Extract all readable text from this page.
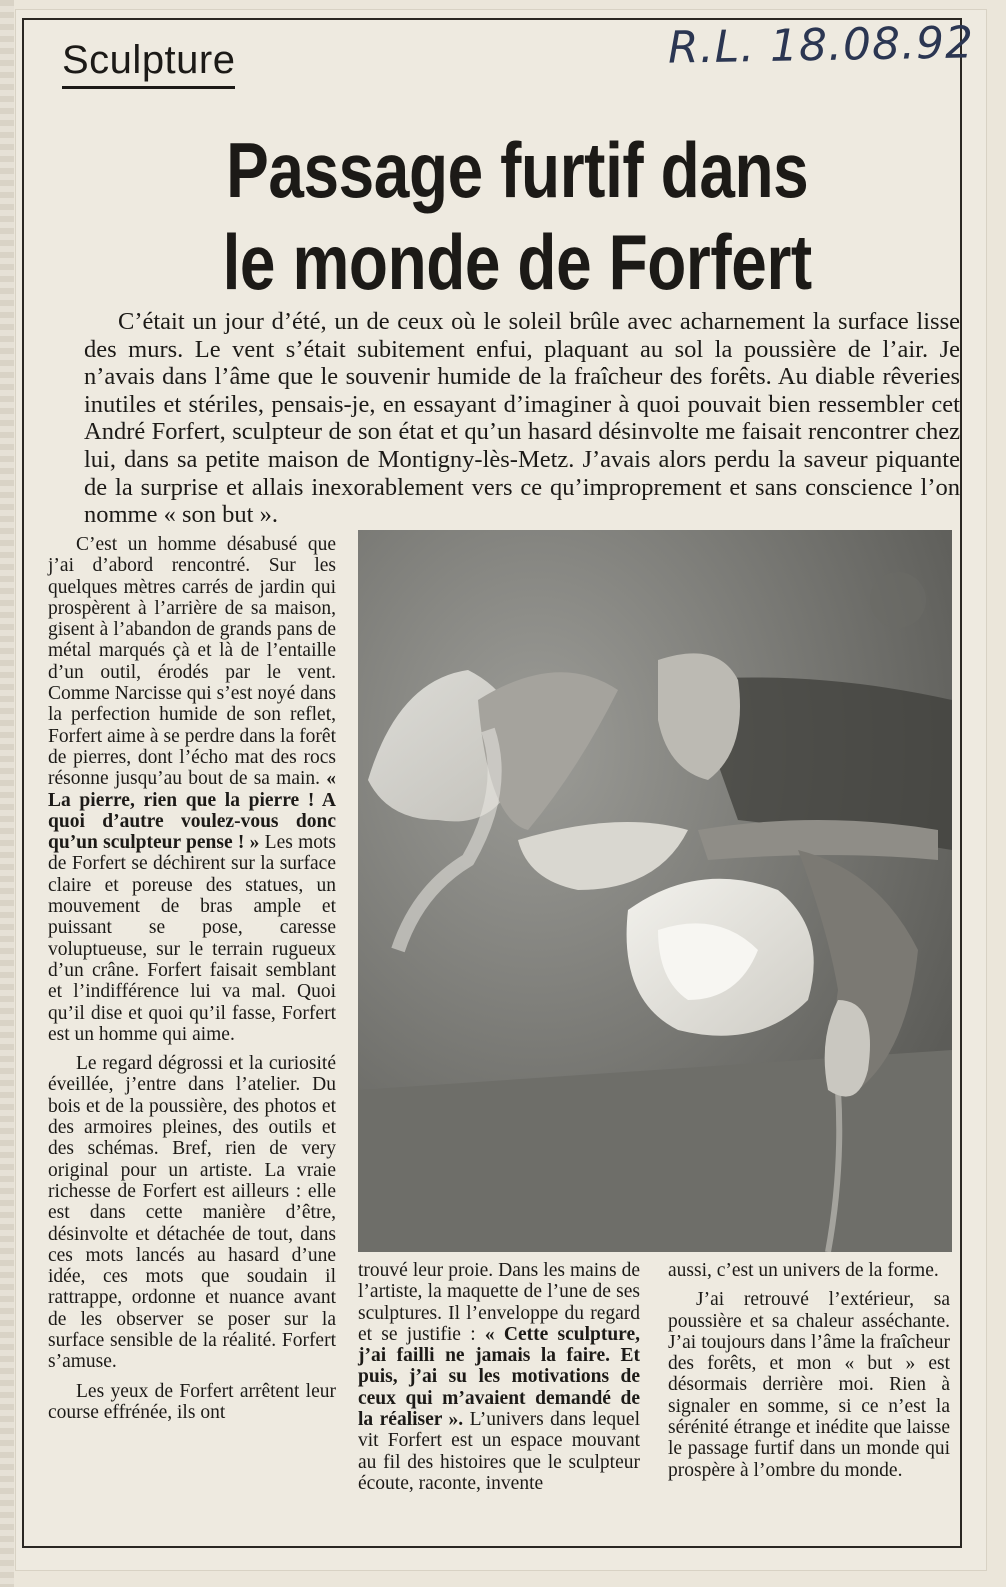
Sculpture	R.L. 18.08.92
Passage furtif dans
le monde de Forfert
C’était un jour d’été, un de ceux où le soleil brûle avec acharnement la surface lisse des murs. Le vent s’était subitement enfui, plaquant au sol la poussière de l’air. Je n’avais dans l’âme que le souvenir humide de la fraîcheur des forêts. Au diable rêveries inutiles et stériles, pensais-je, en essayant d’imaginer à quoi pouvait bien ressembler cet André Forfert, sculpteur de son état et qu’un hasard désinvolte me faisait rencontrer chez lui, dans sa petite maison de Montigny-lès-Metz. J’avais alors perdu la saveur piquante de la surprise et allais inexorablement vers ce qu’improprement et sans conscience l’on nomme « son but ».

C’est un homme désabusé que j’ai d’abord rencontré. Sur les quelques mètres carrés de jardin qui prospèrent à l’arrière de sa maison, gisent à l’abandon de grands pans de métal marqués çà et là de l’entaille d’un outil, érodés par le vent. Comme Narcisse qui s’est noyé dans la perfection humide de son reflet, Forfert aime à se perdre dans la forêt de pierres, dont l’écho mat des rocs résonne jusqu’au bout de sa main. « La pierre, rien que la pierre ! A quoi d’autre voulez-vous donc qu’un sculpteur pense ! » Les mots de Forfert se déchirent sur la surface claire et poreuse des statues, un mouvement de bras ample et puissant se pose, caresse voluptueuse, sur le terrain rugueux d’un crâne. Forfert faisait semblant et l’indifférence lui va mal. Quoi qu’il dise et quoi qu’il fasse, Forfert est un homme qui aime.

Le regard dégrossi et la curiosité éveillée, j’entre dans l’atelier. Du bois et de la poussière, des photos et des armoires pleines, des outils et des schémas. Bref, rien de very original pour un artiste. La vraie richesse de Forfert est ailleurs : elle est dans cette manière d’être, désinvolte et détachée de tout, dans ces mots lancés au hasard d’une idée, ces mots que soudain il rattrappe, ordonne et nuance avant de les observer se poser sur la surface sensible de la réalité. Forfert s’amuse.

Les yeux de Forfert arrêtent leur course effrénée, ils ont

trouvé leur proie. Dans les mains de l’artiste, la maquette de l’une de ses sculptures. Il l’enveloppe du regard et se justifie : « Cette sculpture, j’ai failli ne jamais la faire. Et puis, j’ai su les motivations de ceux qui m’avaient demandé de la réaliser ». L’univers dans lequel vit Forfert est un espace mouvant au fil des histoires que le sculpteur écoute, raconte, invente

aussi, c’est un univers de la forme.

J’ai retrouvé l’extérieur, sa poussière et sa chaleur asséchante. J’ai toujours dans l’âme la fraîcheur des forêts, et mon « but » est désormais derrière moi. Rien à signaler en somme, si ce n’est la sérénité étrange et inédite que laisse le passage furtif dans un monde qui prospère à l’ombre du monde.
